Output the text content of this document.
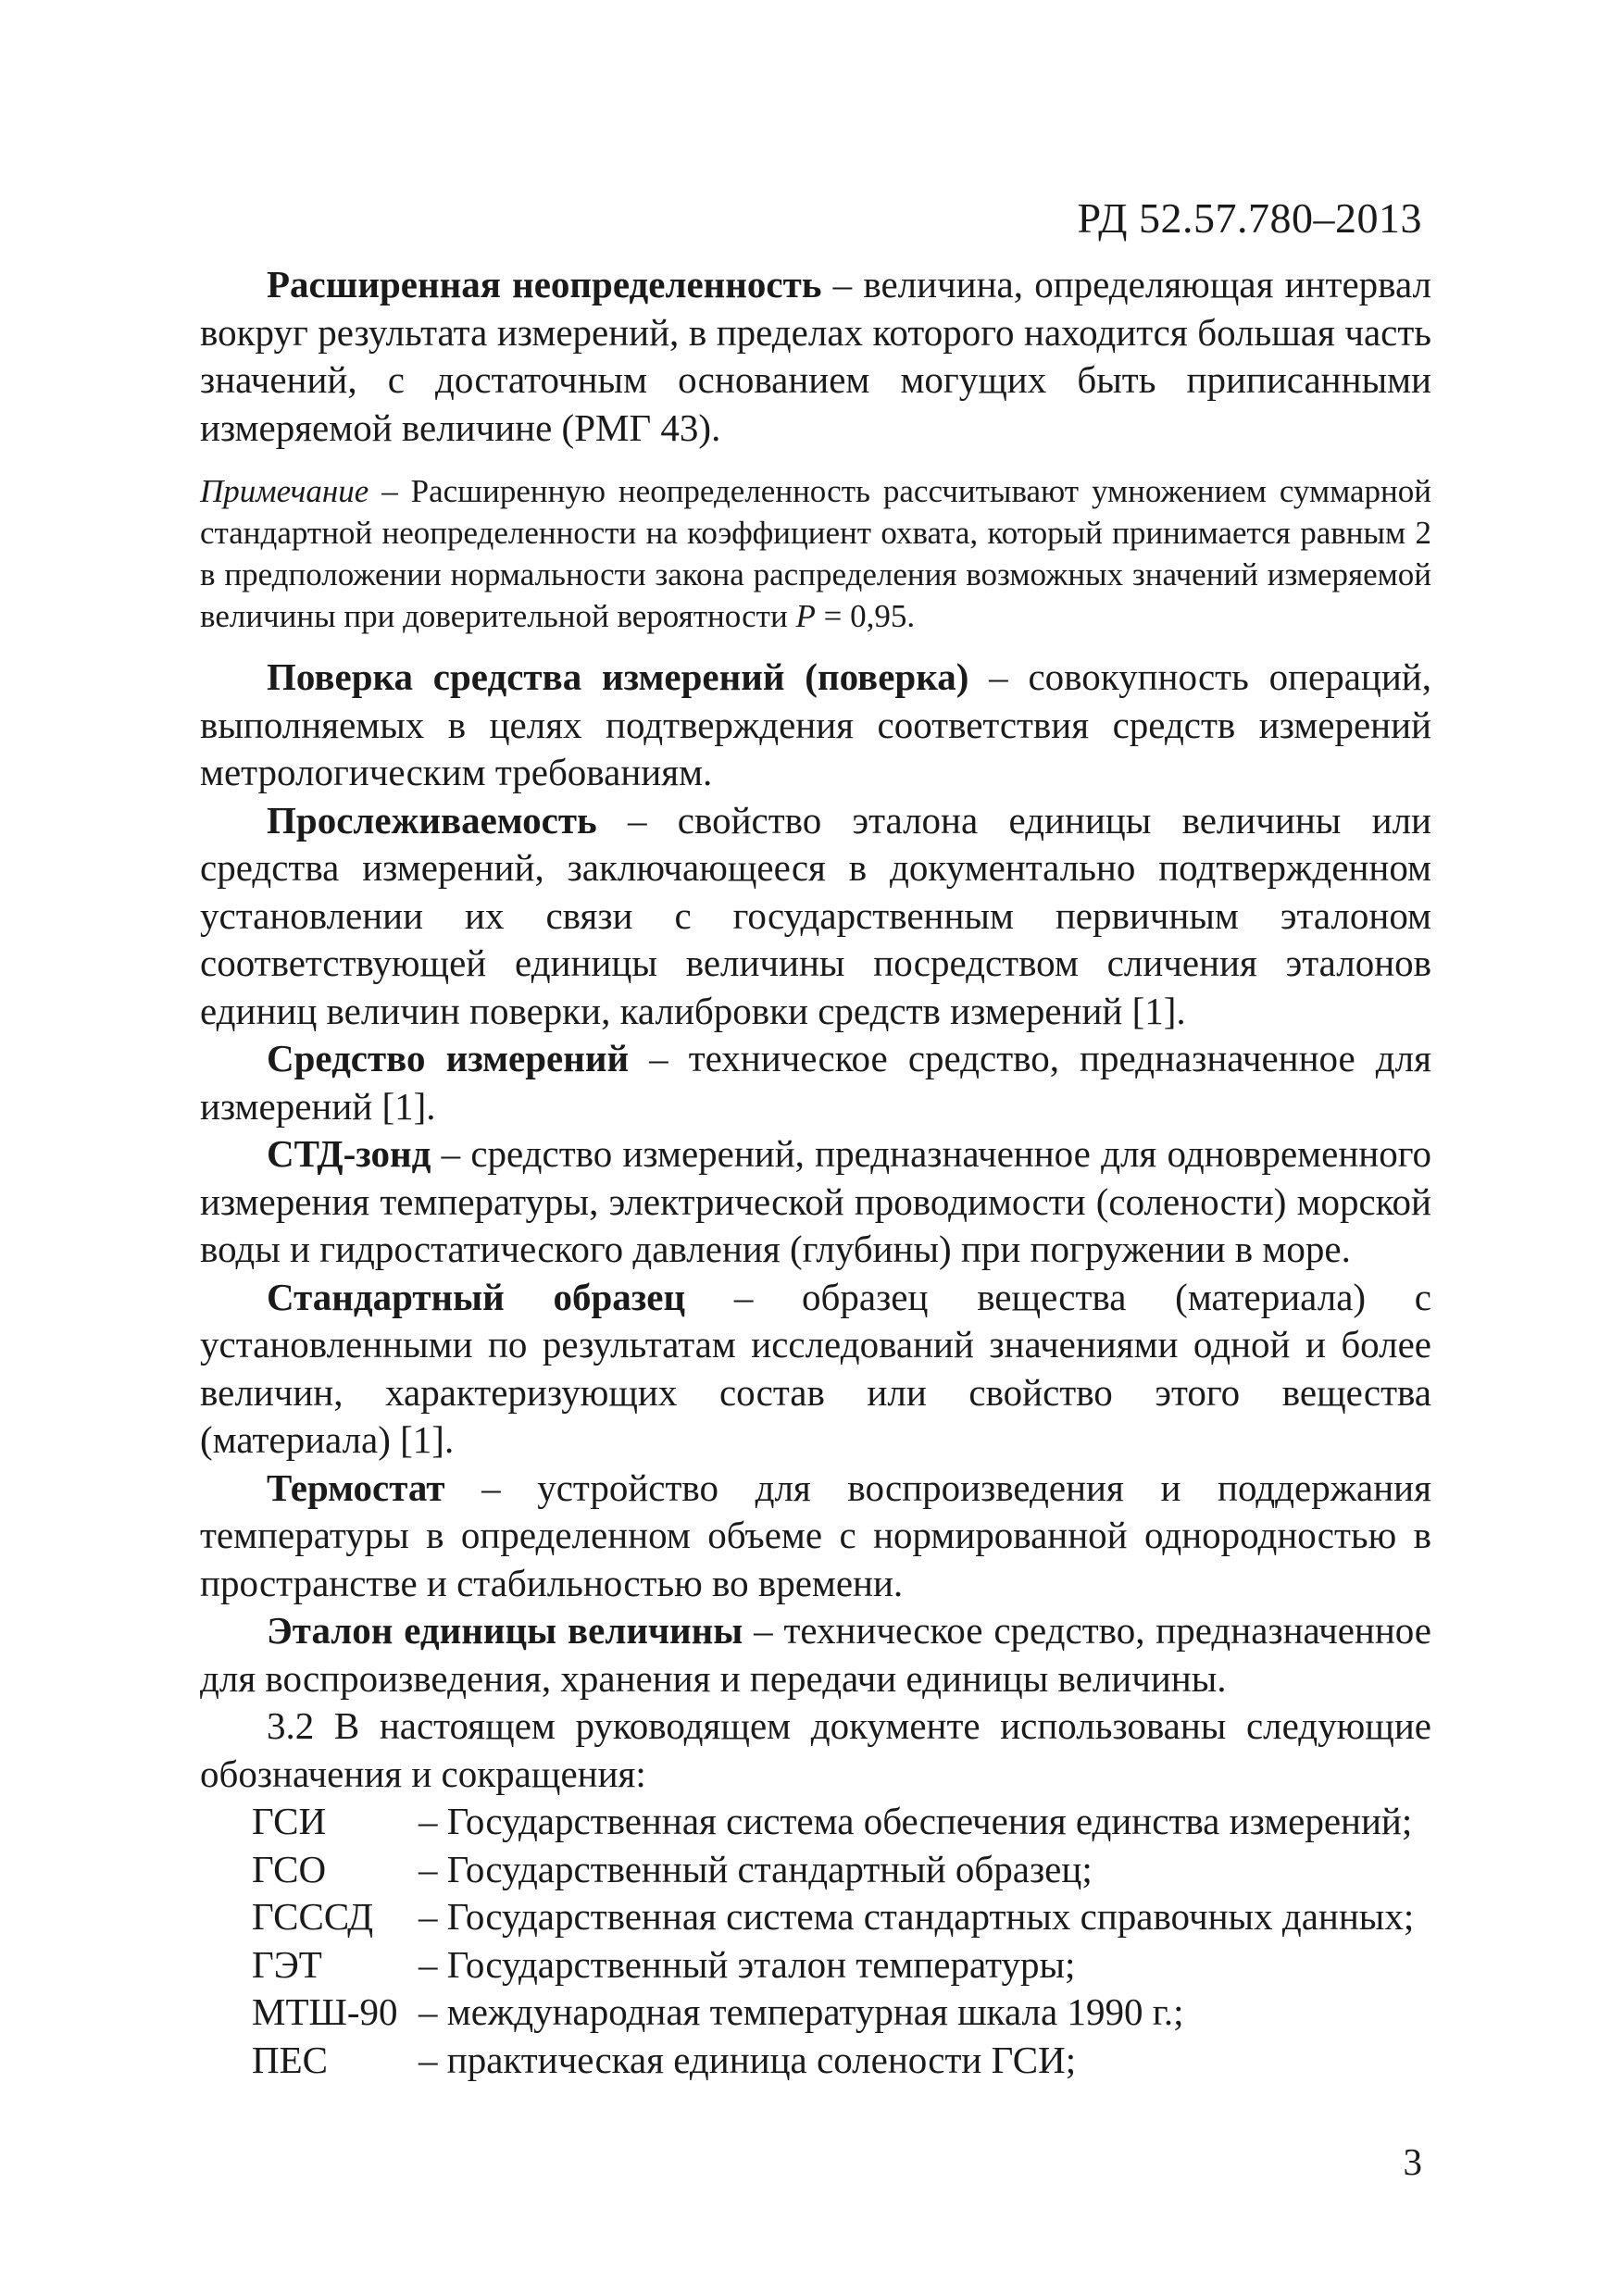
РД 52.57.780–2013

Расширенная неопределенность – величина, определяющая интервал вокруг результата измерений, в пределах которого находится большая часть значений, с достаточным основанием могущих быть приписанными измеряемой величине (РМГ 43).

Примечание – Расширенную неопределенность рассчитывают умножением суммарной стандартной неопределенности на коэффициент охвата, который принимается равным 2 в предположении нормальности закона распределения возможных значений измеряемой величины при доверительной вероятности P = 0,95.

Поверка средства измерений (поверка) – совокупность операций, выполняемых в целях подтверждения соответствия средств измерений метрологическим требованиям.

Прослеживаемость – свойство эталона единицы величины или средства измерений, заключающееся в документально подтвержденном установлении их связи с государственным первичным эталоном соответствующей единицы величины посредством сличения эталонов единиц величин поверки, калибровки средств измерений [1].

Средство измерений – техническое средство, предназначенное для измерений [1].

СТД-зонд – средство измерений, предназначенное для одновременного измерения температуры, электрической проводимости (солености) морской воды и гидростатического давления (глубины) при погружении в море.

Стандартный образец – образец вещества (материала) с установленными по результатам исследований значениями одной и более величин, характеризующих состав или свойство этого вещества (материала) [1].

Термостат – устройство для воспроизведения и поддержания температуры в определенном объеме с нормированной однородностью в пространстве и стабильностью во времени.

Эталон единицы величины – техническое средство, предназначенное для воспроизведения, хранения и передачи единицы величины.

3.2 В настоящем руководящем документе использованы следующие обозначения и сокращения:

ГСИ	– Государственная система обеспечения единства измерений;
ГСО	– Государственный стандартный образец;
ГСССД	– Государственная система стандартных справочных данных;
ГЭТ	– Государственный эталон температуры;
МТШ-90 – международная температурная шкала 1990 г.;
ПЕС	– практическая единица солености ГСИ;
3
